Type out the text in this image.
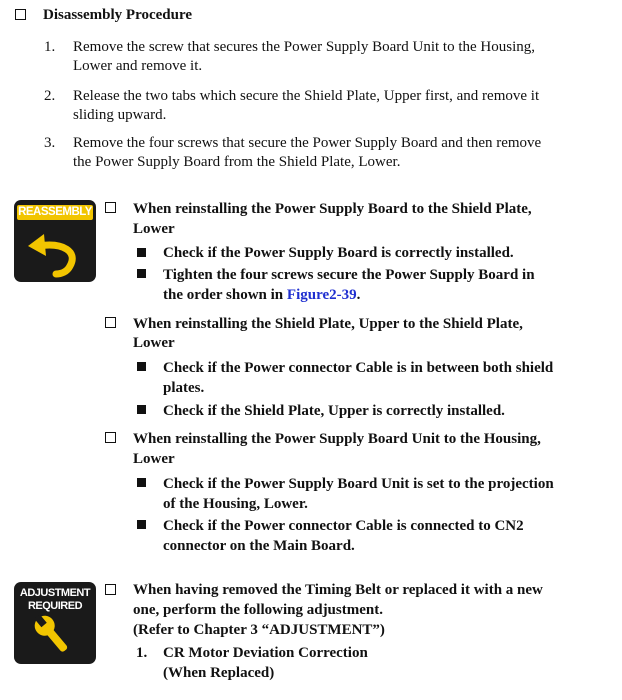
Disassembly Procedure
1. Remove the screw that secures the Power Supply Board Unit to the Housing,
Lower and remove it.
2. Release the two tabs which secure the Shield Plate, Upper first, and remove it
sliding upward.
3. Remove the four screws that secure the Power Supply Board and then remove
the Power Supply Board from the Shield Plate, Lower.
REASSEMBLY	When reinstalling the Power Supply Board to the Shield Plate,
Lower
Check if the Power Supply Board is correctly installed.
Tighten the four screws secure the Power Supply Board in
the order shown in Figure2-39.
When reinstalling the Shield Plate, Upper to the Shield Plate,
Lower
Check if the Power connector Cable is in between both shield
plates.
Check if the Shield Plate, Upper is correctly installed.
When reinstalling the Power Supply Board Unit to the Housing,
Lower
Check if the Power Supply Board Unit is set to the projection
of the Housing, Lower.
Check if the Power connector Cable is connected to CN2
connector on the Main Board.
ADJUSTMENT
REQUIRED
When having removed the Timing Belt or replaced it with a new
one, perform the following adjustment.
(Refer to Chapter 3 “ADJUSTMENT”)
1. CR Motor Deviation Correction
(When Replaced)
